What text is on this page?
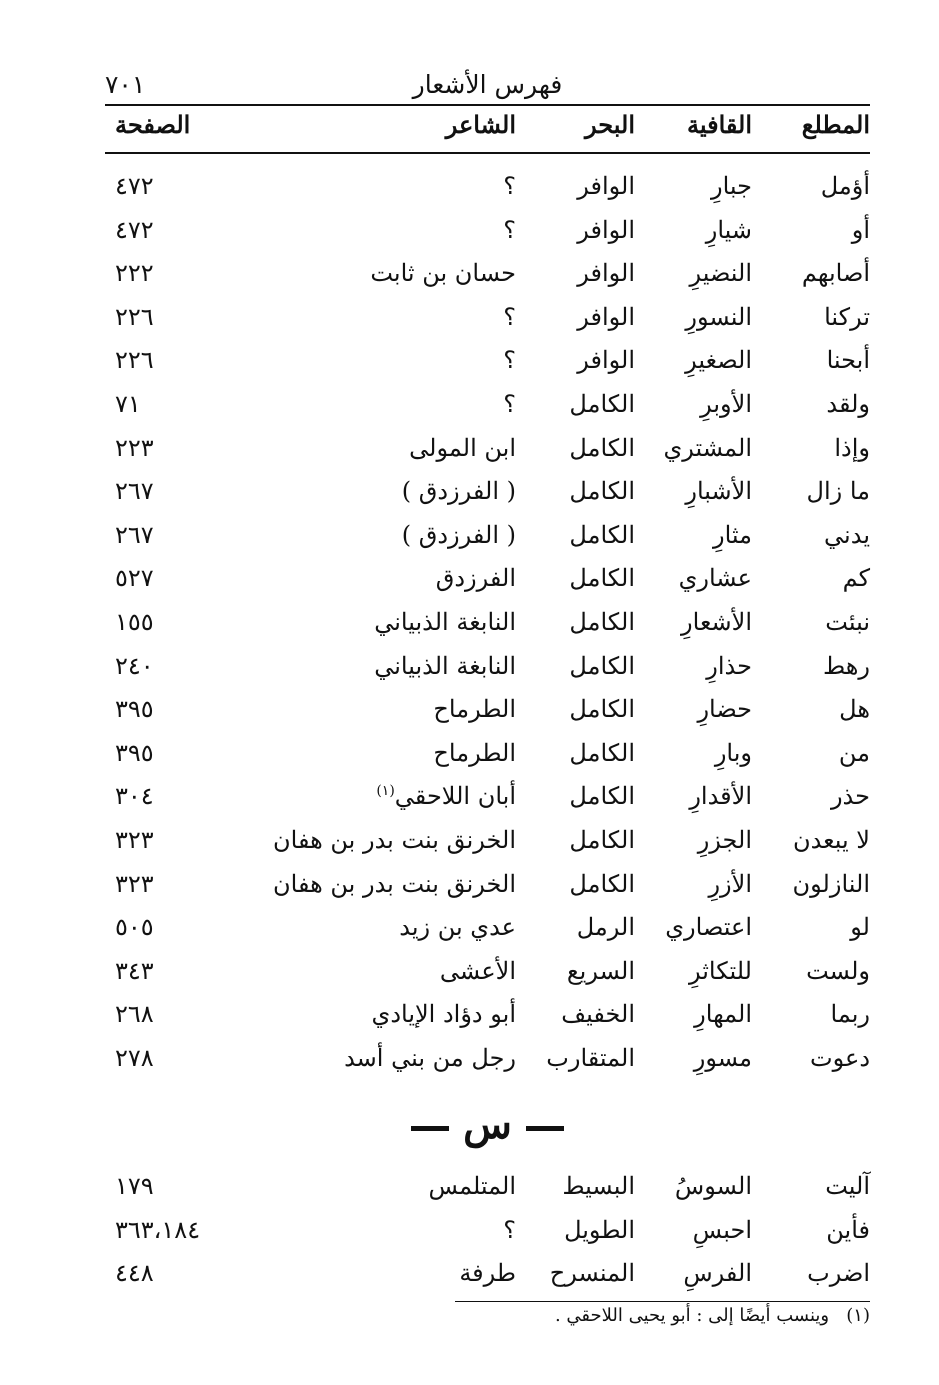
٧٠١	فهرس الأشعار
المطلع
القافية
البحر
الشاعر
الصفحة
أؤمل
جبارِ
الوافر
؟
٤٧٢
أو
شيارِ
الوافر
؟
٤٧٢
أصابهم
النضيرِ
الوافر
حسان بن ثابت
٢٢٢
تركنا
النسورِ
الوافر
؟
٢٢٦
أبحنا
الصغيرِ
الوافر
؟
٢٢٦
ولقد
الأوبرِ
الكامل
؟
٧١
وإذا
المشتري
الكامل
ابن المولى
٢٢٣
ما زال
الأشبارِ
الكامل
( الفرزدق )
٢٦٧
يدني
مثارِ
الكامل
( الفرزدق )
٢٦٧
كم
عشاري
الكامل
الفرزدق
٥٢٧
نبئت
الأشعارِ
الكامل
النابغة الذبياني
١٥٥
رهط
حذارِ
الكامل
النابغة الذبياني
٢٤٠
هل
حضارِ
الكامل
الطرماح
٣٩٥
من
وبارِ
الكامل
الطرماح
٣٩٥
حذر
الأقدارِ
الكامل
أبان اللاحقي$^{(١)}$
٣٠٤
لا يبعدن
الجزرِ
الكامل
الخرنق بنت بدر بن هفان
٣٢٣
النازلون
الأزرِ
الكامل
الخرنق بنت بدر بن هفان
٣٢٣
لو
اعتصاري
الرمل
عدي بن زيد
٥٠٥
ولست
للتكاثرِ
السريع
الأعشى
٣٤٣
ربما
المهارِ
الخفيف
أبو دؤاد الإيادي
٢٦٨
دعوت
مسورِ
المتقارب
رجل من بني أسد
٢٧٨
س
آليت
السوسُ
البسيط
المتلمس
١٧٩
فأين
احبسِ
الطويل
؟
٣٦٣،١٨٤
اضرب
الفرسِ
المنسرح
طرفة
٤٤٨
(١)   وينسب أيضًا إلى : أبو يحيى اللاحقي .
